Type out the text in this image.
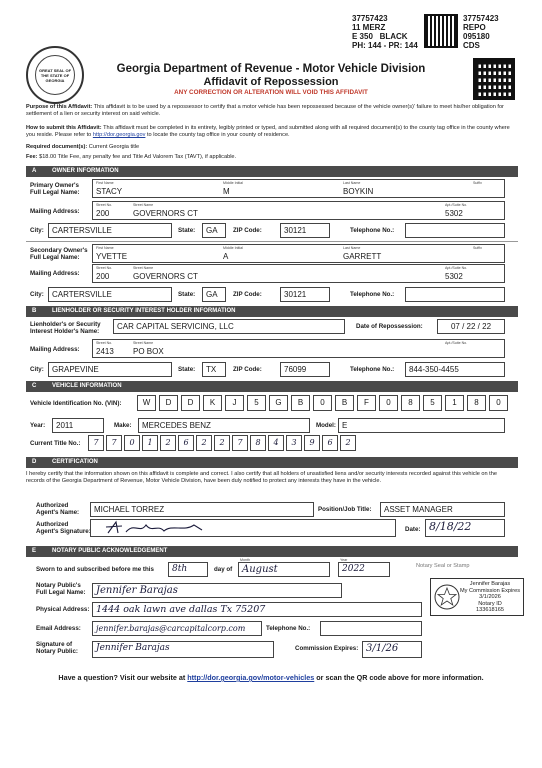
37757423
11 MERZ
E 350 BLACK
PH: 144 - PR: 144
37757423
REPO
095180
CDS
GREAT SEAL OF THE STATE OF GEORGIA
Georgia Department of Revenue - Motor Vehicle Division
Affidavit of Repossession
ANY CORRECTION OR ALTERATION WILL VOID THIS AFFIDAVIT
Purpose of this Affidavit: This affidavit is to be used by a repossessor to certify that a motor vehicle has been repossessed because of the vehicle owner(s)' failure to meet his/her obligation for settlement of a lien or security interest on said vehicle.
How to submit this Affidavit: This affidavit must be completed in its entirety, legibly printed or typed, and submitted along with all required document(s) to the county tag office in the county where you reside. Please refer to http://dor.georgia.gov to locate the county tag office in your county of residence.
Required document(s): Current Georgia title
Fee: $18.00 Title Fee, any penalty fee and Title Ad Valorem Tax (TAVT), if applicable.
A	OWNER INFORMATION
Primary Owner's Full Legal Name:
First Name	Middle Initial	Last Name	Suffix
STACY	M	BOYKIN
Mailing Address:
Street No.	Street Name	Apt./Suite No.
200	GOVERNORS CT	5302
City:	CARTERSVILLE	State:	GA	ZIP Code:	30121	Telephone No.:
Secondary Owner's Full Legal Name:
First Name	Middle Initial	Last Name	Suffix
YVETTE	A	GARRETT
Mailing Address:
Street No.	Street Name	Apt./Suite No.
200	GOVERNORS CT	5302
City:	CARTERSVILLE	State:	GA	ZIP Code:	30121	Telephone No.:
B	LIENHOLDER OR SECURITY INTEREST HOLDER INFORMATION
Lienholder's or Security Interest Holder's Name:
CAR CAPITAL SERVICING, LLC	Date of Repossession:	07 / 22 / 22
Mailing Address:
Street No.	Street Name	Apt./Suite No.
2413 PO BOX
City:	GRAPEVINE	State:	TX	ZIP Code:	76099	Telephone No.:	844-350-4455
C	VEHICLE INFORMATION
Vehicle Identification No. (VIN):	W	D	D	K	J	5	G	B	0	B	F	0	8	5	1	8	0
Year:	2011	Make:	MERCEDES BENZ	Model: E
Current Title No.:	7	7	0	1	2	6	2	2	7	8	4	3	9	6	2
D	CERTIFICATION
I hereby certify that the information shown on this affidavit is complete and correct. I also certify that all holders of unsatisfied liens and/or security interests recorded against this vehicle on the records of the Georgia Department of Revenue, Motor Vehicle Division, have been duly notified to protect any interests they have in the vehicle.
Authorized Agent's Name:	MICHAEL TORREZ	Position/Job Title:	ASSET MANAGER
Authorized Agent's Signature:	Date: 8/18/22
E	NOTARY PUBLIC ACKNOWLEDGEMENT
Sworn to and subscribed before me this	8th	day of
Month
August
Year
2022	Notary Seal or Stamp
Notary Public's Full Legal Name:	Jennifer Barajas
Physical Address: 1444 oak lawn ave dallas Tx 75207
Email Address:	jennifer.barajas@carcapitalcorp.com	Telephone No.:
Signature of Notary Public:	Jennifer Barajas	Commission Expires: 3/1/26
Jennifer Barajas
My Commission Expires
3/1/2026
Notary ID
133618165
Have a question? Visit our website at http://dor.georgia.gov/motor-vehicles or scan the QR code above for more information.
